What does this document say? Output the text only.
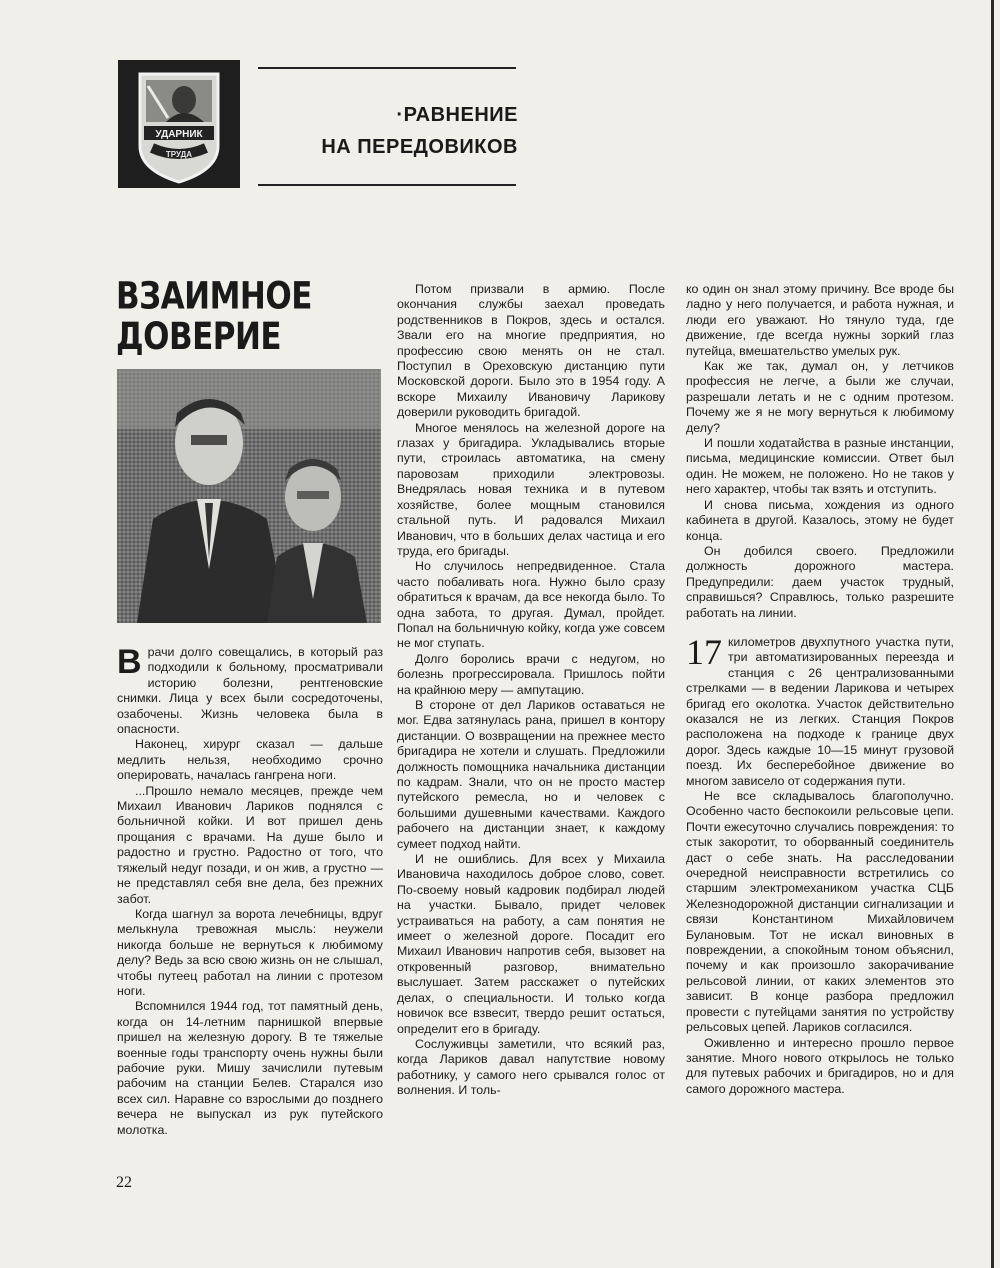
УДАРНИК
ТРУДА
·РАВНЕНИЕ
НА ПЕРЕДОВИКОВ
ВЗАИМНОЕ ДОВЕРИЕ

Врачи долго совещались, в который раз подходили к больному, просматривали историю болезни, рентгеновские снимки. Лица у всех были сосредоточены, озабочены. Жизнь человека была в опасности.

Наконец, хирург сказал — дальше медлить нельзя, необходимо срочно оперировать, началась гангрена ноги.

...Прошло немало месяцев, прежде чем Михаил Иванович Лариков поднялся с больничной койки. И вот пришел день прощания с врачами. На душе было и радостно и грустно. Радостно от того, что тяжелый недуг позади, и он жив, а грустно — не представлял себя вне дела, без прежних забот.

Когда шагнул за ворота лечебницы, вдруг мелькнула тревожная мысль: неужели никогда больше не вернуться к любимому делу? Ведь за всю свою жизнь он не слышал, чтобы путеец работал на линии с протезом ноги.

Вспомнился 1944 год, тот памятный день, когда он 14-летним парнишкой впервые пришел на железную дорогу. В те тяжелые военные годы транспорту очень нужны были рабочие руки. Мишу зачислили путевым рабочим на станции Белев. Старался изо всех сил. Наравне со взрослыми до позднего вечера не выпускал из рук путейского молотка.

Потом призвали в армию. После окончания службы заехал проведать родственников в Покров, здесь и остался. Звали его на многие предприятия, но профессию свою менять он не стал. Поступил в Ореховскую дистанцию пути Московской дороги. Было это в 1954 году. А вскоре Михаилу Ивановичу Ларикову доверили руководить бригадой.

Многое менялось на железной дороге на глазах у бригадира. Укладывались вторые пути, строилась автоматика, на смену паровозам приходили электровозы. Внедрялась новая техника и в путевом хозяйстве, более мощным становился стальной путь. И радовался Михаил Иванович, что в больших делах частица и его труда, его бригады.

Но случилось непредвиденное. Стала часто побаливать нога. Нужно было сразу обратиться к врачам, да все некогда было. То одна забота, то другая. Думал, пройдет. Попал на больничную койку, когда уже совсем не мог ступать.

Долго боролись врачи с недугом, но болезнь прогрессировала. Пришлось пойти на крайнюю меру — ампутацию.

В стороне от дел Лариков оставаться не мог. Едва затянулась рана, пришел в контору дистанции. О возвращении на прежнее место бригадира не хотели и слушать. Предложили должность помощника начальника дистанции по кадрам. Знали, что он не просто мастер путейского ремесла, но и человек с большими душевными качествами. Каждого рабочего на дистанции знает, к каждому сумеет подход найти.

И не ошиблись. Для всех у Михаила Ивановича находилось доброе слово, совет. По-своему новый кадровик подбирал людей на участки. Бывало, придет человек устраиваться на работу, а сам понятия не имеет о железной дороге. Посадит его Михаил Иванович напротив себя, вызовет на откровенный разговор, внимательно выслушает. Затем расскажет о путейских делах, о специальности. И только когда новичок все взвесит, твердо решит остаться, определит его в бригаду.

Сослуживцы заметили, что всякий раз, когда Лариков давал напутствие новому работнику, у самого него срывался голос от волнения. И толь-

ко один он знал этому причину. Все вроде бы ладно у него получается, и работа нужная, и люди его уважают. Но тянуло туда, где движение, где всегда нужны зоркий глаз путейца, вмешательство умелых рук.

Как же так, думал он, у летчиков профессия не легче, а были же случаи, разрешали летать и не с одним протезом. Почему же я не могу вернуться к любимому делу?

И пошли ходатайства в разные инстанции, письма, медицинские комиссии. Ответ был один. Не можем, не положено. Но не таков у него характер, чтобы так взять и отступить.

И снова письма, хождения из одного кабинета в другой. Казалось, этому не будет конца.

Он добился своего. Предложили должность дорожного мастера. Предупредили: даем участок трудный, справишься? Справлюсь, только разрешите работать на линии.

17 километров двухпутного участка пути, три автоматизированных переезда и станция с 26 централизованными стрелками — в ведении Ларикова и четырех бригад его околотка. Участок действительно оказался не из легких. Станция Покров расположена на подходе к границе двух дорог. Здесь каждые 10—15 минут грузовой поезд. Их бесперебойное движение во многом зависело от содержания пути.

Не все складывалось благополучно. Особенно часто беспокоили рельсовые цепи. Почти ежесуточно случались повреждения: то стык закоротит, то оборванный соединитель даст о себе знать. На расследовании очередной неисправности встретились со старшим электромехаником участка СЦБ Железнодорожной дистанции сигнализации и связи Константином Михайловичем Булановым. Тот не искал виновных в повреждении, а спокойным тоном объяснил, почему и как произошло закорачивание рельсовой линии, от каких элементов это зависит. В конце разбора предложил провести с путейцами занятия по устройству рельсовых цепей. Лариков согласился.

Оживленно и интересно прошло первое занятие. Много нового открылось не только для путевых рабочих и бригадиров, но и для самого дорожного мастера.

22
